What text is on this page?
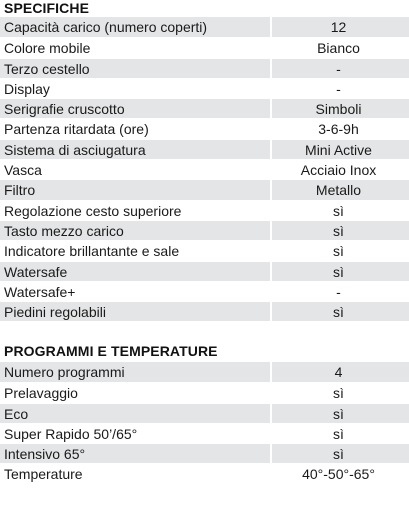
SPECIFICHE
Capacità carico (numero coperti)	12
Colore mobile	Bianco
Terzo cestello	-
Display	-
Serigrafie cruscotto	Simboli
Partenza ritardata (ore)	3-6-9h
Sistema di asciugatura	Mini Active
Vasca	Acciaio Inox
Filtro	Metallo
Regolazione cesto superiore	sì
Tasto mezzo carico	sì
Indicatore brillantante e sale	sì
Watersafe	sì
Watersafe+	-
Piedini regolabili	sì
PROGRAMMI E TEMPERATURE
Numero programmi	4
Prelavaggio	sì
Eco	sì
Super Rapido 50’/65°	sì
Intensivo 65°	sì
Temperature	40°-50°-65°
